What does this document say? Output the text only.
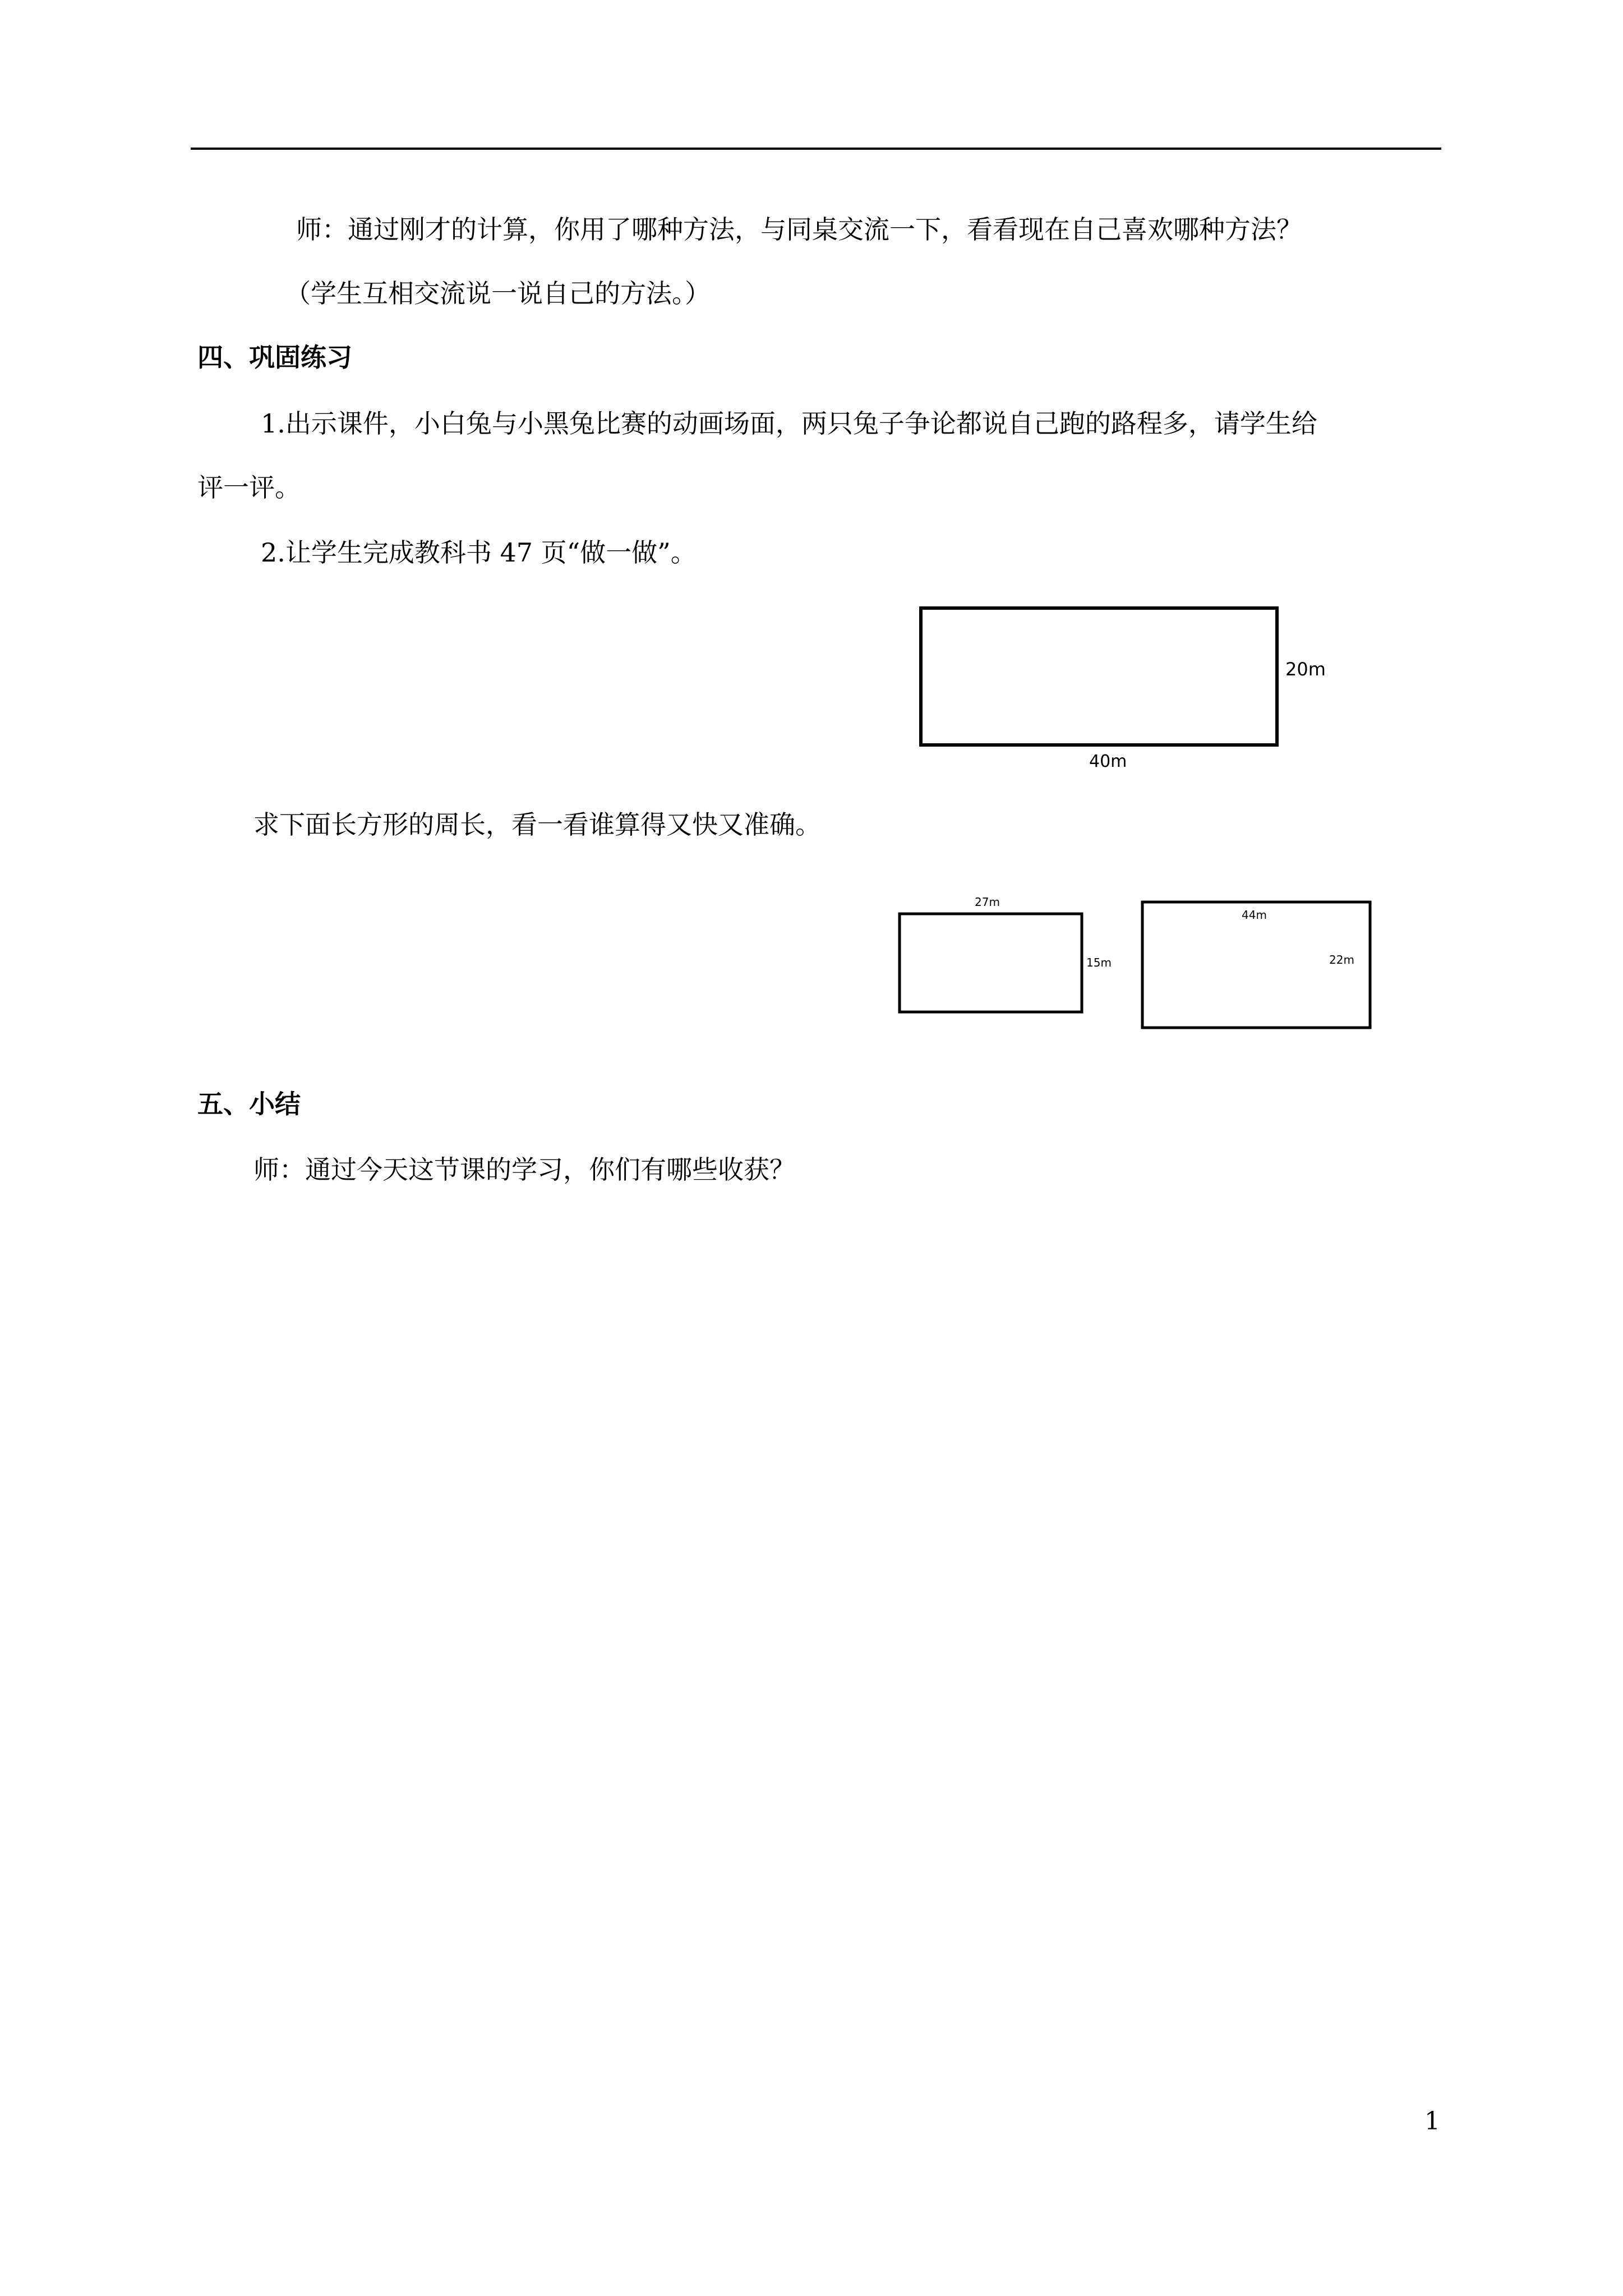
师：通过刚才的计算，你用了哪种方法，与同桌交流一下，看看现在自己喜欢哪种方法？
（学生互相交流说一说自己的方法。）
四、巩固练习
1.出示课件，小白兔与小黑兔比赛的动画场面，两只兔子争论都说自己跑的路程多，请学生给
评一评。
2.让学生完成教科书 47 页“做一做”。
20m
40m
求下面长方形的周长，看一看谁算得又快又准确。
27m
15m
44m
22m
五、小结
师：通过今天这节课的学习，你们有哪些收获？
1
